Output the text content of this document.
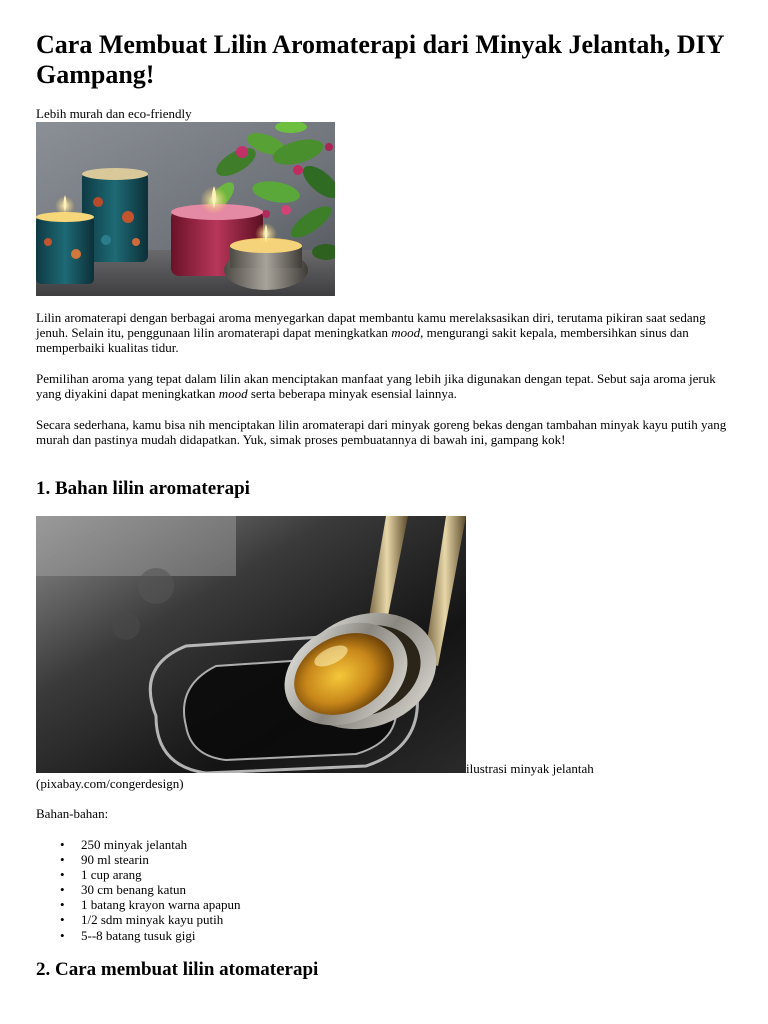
Cara Membuat Lilin Aromaterapi dari Minyak Jelantah, DIY Gampang!
Lebih murah dan eco-friendly

Lilin aromaterapi dengan berbagai aroma menyegarkan dapat membantu kamu merelaksasikan diri, terutama pikiran saat sedang jenuh. Selain itu, penggunaan lilin aromaterapi dapat meningkatkan mood, mengurangi sakit kepala, membersihkan sinus dan memperbaiki kualitas tidur.

Pemilihan aroma yang tepat dalam lilin akan menciptakan manfaat yang lebih jika digunakan dengan tepat. Sebut saja aroma jeruk yang diyakini dapat meningkatkan mood serta beberapa minyak esensial lainnya.

Secara sederhana, kamu bisa nih menciptakan lilin aromaterapi dari minyak goreng bekas dengan tambahan minyak kayu putih yang murah dan pastinya mudah didapatkan. Yuk, simak proses pembuatannya di bawah ini, gampang kok!

1. Bahan lilin aromaterapi
ilustrasi minyak jelantah
(pixabay.com/congerdesign)
Bahan-bahan:
• 250 minyak jelantah
• 90 ml stearin
• 1 cup arang
• 30 cm benang katun
• 1 batang krayon warna apapun
• 1/2 sdm minyak kayu putih
• 5--8 batang tusuk gigi
2. Cara membuat lilin atomaterapi
